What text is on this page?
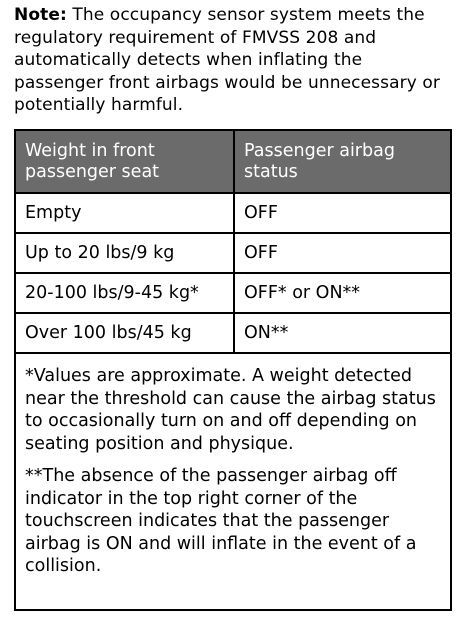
Note: The occupancy sensor system meets the regulatory requirement of FMVSS 208 and automatically detects when inflating the passenger front airbags would be unnecessary or potentially harmful.
Weight in front passenger seat	Passenger airbag status
Empty	OFF
Up to 20 lbs/9 kg	OFF
20-100 lbs/9-45 kg*	OFF* or ON**
Over 100 lbs/45 kg	ON**

*Values are approximate. A weight detected near the threshold can cause the airbag status to occasionally turn on and off depending on seating position and physique.

**The absence of the passenger airbag off indicator in the top right corner of the touchscreen indicates that the passenger airbag is ON and will inflate in the event of a collision.	
